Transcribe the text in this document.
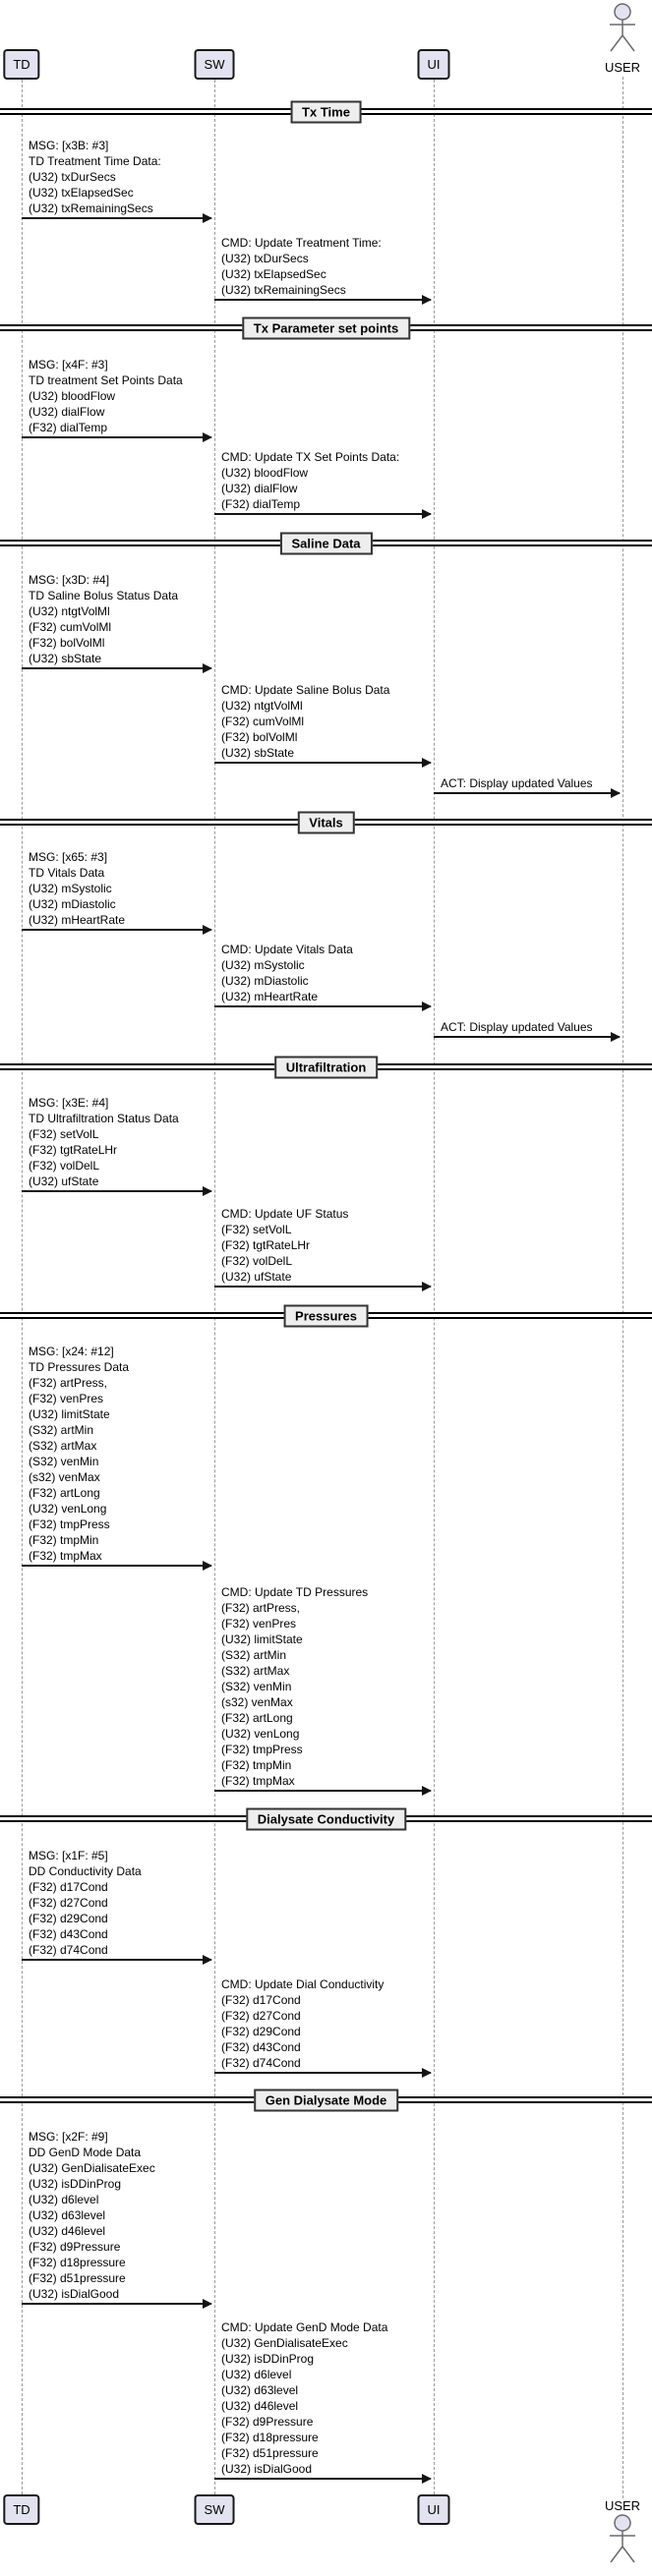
TD
TD
SW
SW
UI
UI
USER
USER
Tx Time
MSG: [x3B: #3]
TD Treatment Time Data:
(U32) txDurSecs
(U32) txElapsedSec
(U32) txRemainingSecs
CMD: Update Treatment Time:
(U32) txDurSecs
(U32) txElapsedSec
(U32) txRemainingSecs
Tx Parameter set points
MSG: [x4F: #3]
TD treatment Set Points Data
(U32) bloodFlow
(U32) dialFlow
(F32) dialTemp
CMD: Update TX Set Points Data:
(U32) bloodFlow
(U32) dialFlow
(F32) dialTemp
Saline Data
MSG: [x3D: #4]
TD Saline Bolus Status Data
(U32) ntgtVolMl
(F32) cumVolMl
(F32) bolVolMl
(U32) sbState
CMD: Update Saline Bolus Data
(U32) ntgtVolMl
(F32) cumVolMl
(F32) bolVolMl
(U32) sbState
ACT: Display updated Values
Vitals
MSG: [x65: #3]
TD Vitals Data
(U32) mSystolic
(U32) mDiastolic
(U32) mHeartRate
CMD: Update Vitals Data
(U32) mSystolic
(U32) mDiastolic
(U32) mHeartRate
ACT: Display updated Values
Ultrafiltration
MSG: [x3E: #4]
TD Ultrafiltration Status Data
(F32) setVolL
(F32) tgtRateLHr
(F32) volDelL
(U32) ufState
CMD: Update UF Status
(F32) setVolL
(F32) tgtRateLHr
(F32) volDelL
(U32) ufState
Pressures
MSG: [x24: #12]
TD Pressures Data
(F32) artPress,
(F32) venPres
(U32) limitState
(S32) artMin
(S32) artMax
(S32) venMin
(s32) venMax
(F32) artLong
(U32) venLong
(F32) tmpPress
(F32) tmpMin
(F32) tmpMax
CMD: Update TD Pressures
(F32) artPress,
(F32) venPres
(U32) limitState
(S32) artMin
(S32) artMax
(S32) venMin
(s32) venMax
(F32) artLong
(U32) venLong
(F32) tmpPress
(F32) tmpMin
(F32) tmpMax
Dialysate Conductivity
MSG: [x1F: #5]
DD Conductivity Data
(F32) d17Cond
(F32) d27Cond
(F32) d29Cond
(F32) d43Cond
(F32) d74Cond
CMD: Update Dial Conductivity
(F32) d17Cond
(F32) d27Cond
(F32) d29Cond
(F32) d43Cond
(F32) d74Cond
Gen Dialysate Mode
MSG: [x2F: #9]
DD GenD Mode Data
(U32) GenDialisateExec
(U32) isDDinProg
(U32) d6level
(U32) d63level
(U32) d46level
(F32) d9Pressure
(F32) d18pressure
(F32) d51pressure
(U32) isDialGood
CMD: Update GenD Mode Data
(U32) GenDialisateExec
(U32) isDDinProg
(U32) d6level
(U32) d63level
(U32) d46level
(F32) d9Pressure
(F32) d18pressure
(F32) d51pressure
(U32) isDialGood
